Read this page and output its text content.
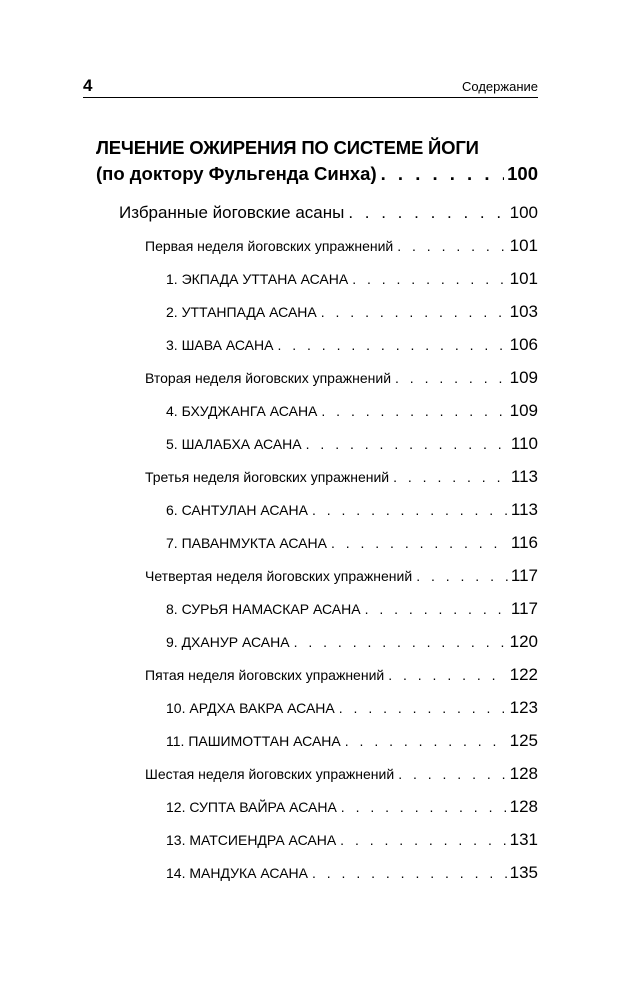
4	Содержание
ЛЕЧЕНИЕ ОЖИРЕНИЯ ПО СИСТЕМЕ ЙОГИ
(по доктору Фульгенда Синха) . . .	100
Избранные йоговские асаны . . .	100
Первая неделя йоговских упражнений . . .	101
1. ЭКПАДА УТТАНА АСАНА . . .	101
2. УТТАНПАДА АСАНА . . .	103
3. ШАВА АСАНА . . .	106
Вторая неделя йоговских упражнений . . .	109
4. БХУДЖАНГА АСАНА . . .	109
5. ШАЛАБХА АСАНА . . .	110
Третья неделя йоговских упражнений . . .	113
6. САНТУЛАН АСАНА . . .	113
7. ПАВАНМУКТА АСАНА . . .	116
Четвертая неделя йоговских упражнений . . .	117
8. СУРЬЯ НАМАСКАР АСАНА . . .	117
9. ДХАНУР АСАНА . . .	120
Пятая неделя йоговских упражнений . . .	122
10. АРДХА ВАКРА АСАНА . . .	123
11. ПАШИМОТТАН АСАНА . . .	125
Шестая неделя йоговских упражнений . . .	128
12. СУПТА ВАЙРА АСАНА . . .	128
13. МАТСИЕНДРА АСАНА . . .	131
14. МАНДУКА АСАНА . . .	135
